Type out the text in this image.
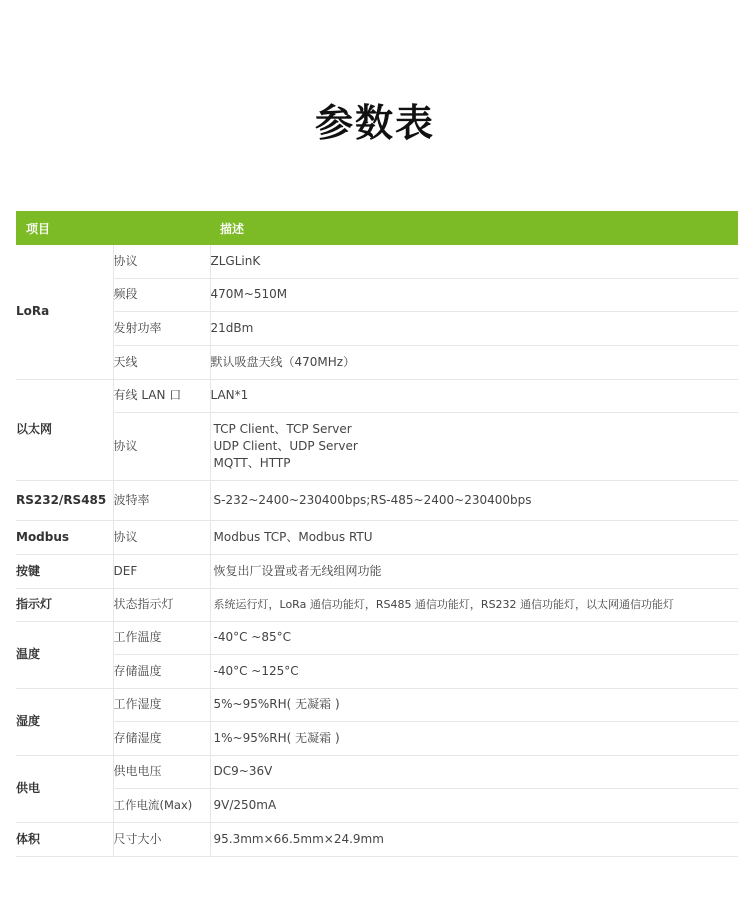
参数表
项目		描述
LoRa	协议	ZLGLinK
	频段	470M~510M
	发射功率	21dBm
	天线	默认吸盘天线（470MHz）
以太网	有线 LAN 口	LAN*1
	协议	TCP Client、TCP Server
UDP Client、UDP Server
MQTT、HTTP

RS232/RS485	波特率	S-232~2400~230400bps;RS-485~2400~230400bps
Modbus	协议	Modbus TCP、Modbus RTU
按键	DEF	恢复出厂设置或者无线组网功能
指示灯	状态指示灯	系统运行灯，LoRa 通信功能灯，RS485 通信功能灯，RS232 通信功能灯，以太网通信功能灯
温度	工作温度	-40°C ~85°C
	存储温度	-40°C ~125°C
湿度	工作湿度	5%~95%RH( 无凝霜 )
	存储湿度	1%~95%RH( 无凝霜 )
供电	供电电压	DC9~36V
	工作电流(Max)	9V/250mA
体积	尺寸大小	95.3mm×66.5mm×24.9mm
